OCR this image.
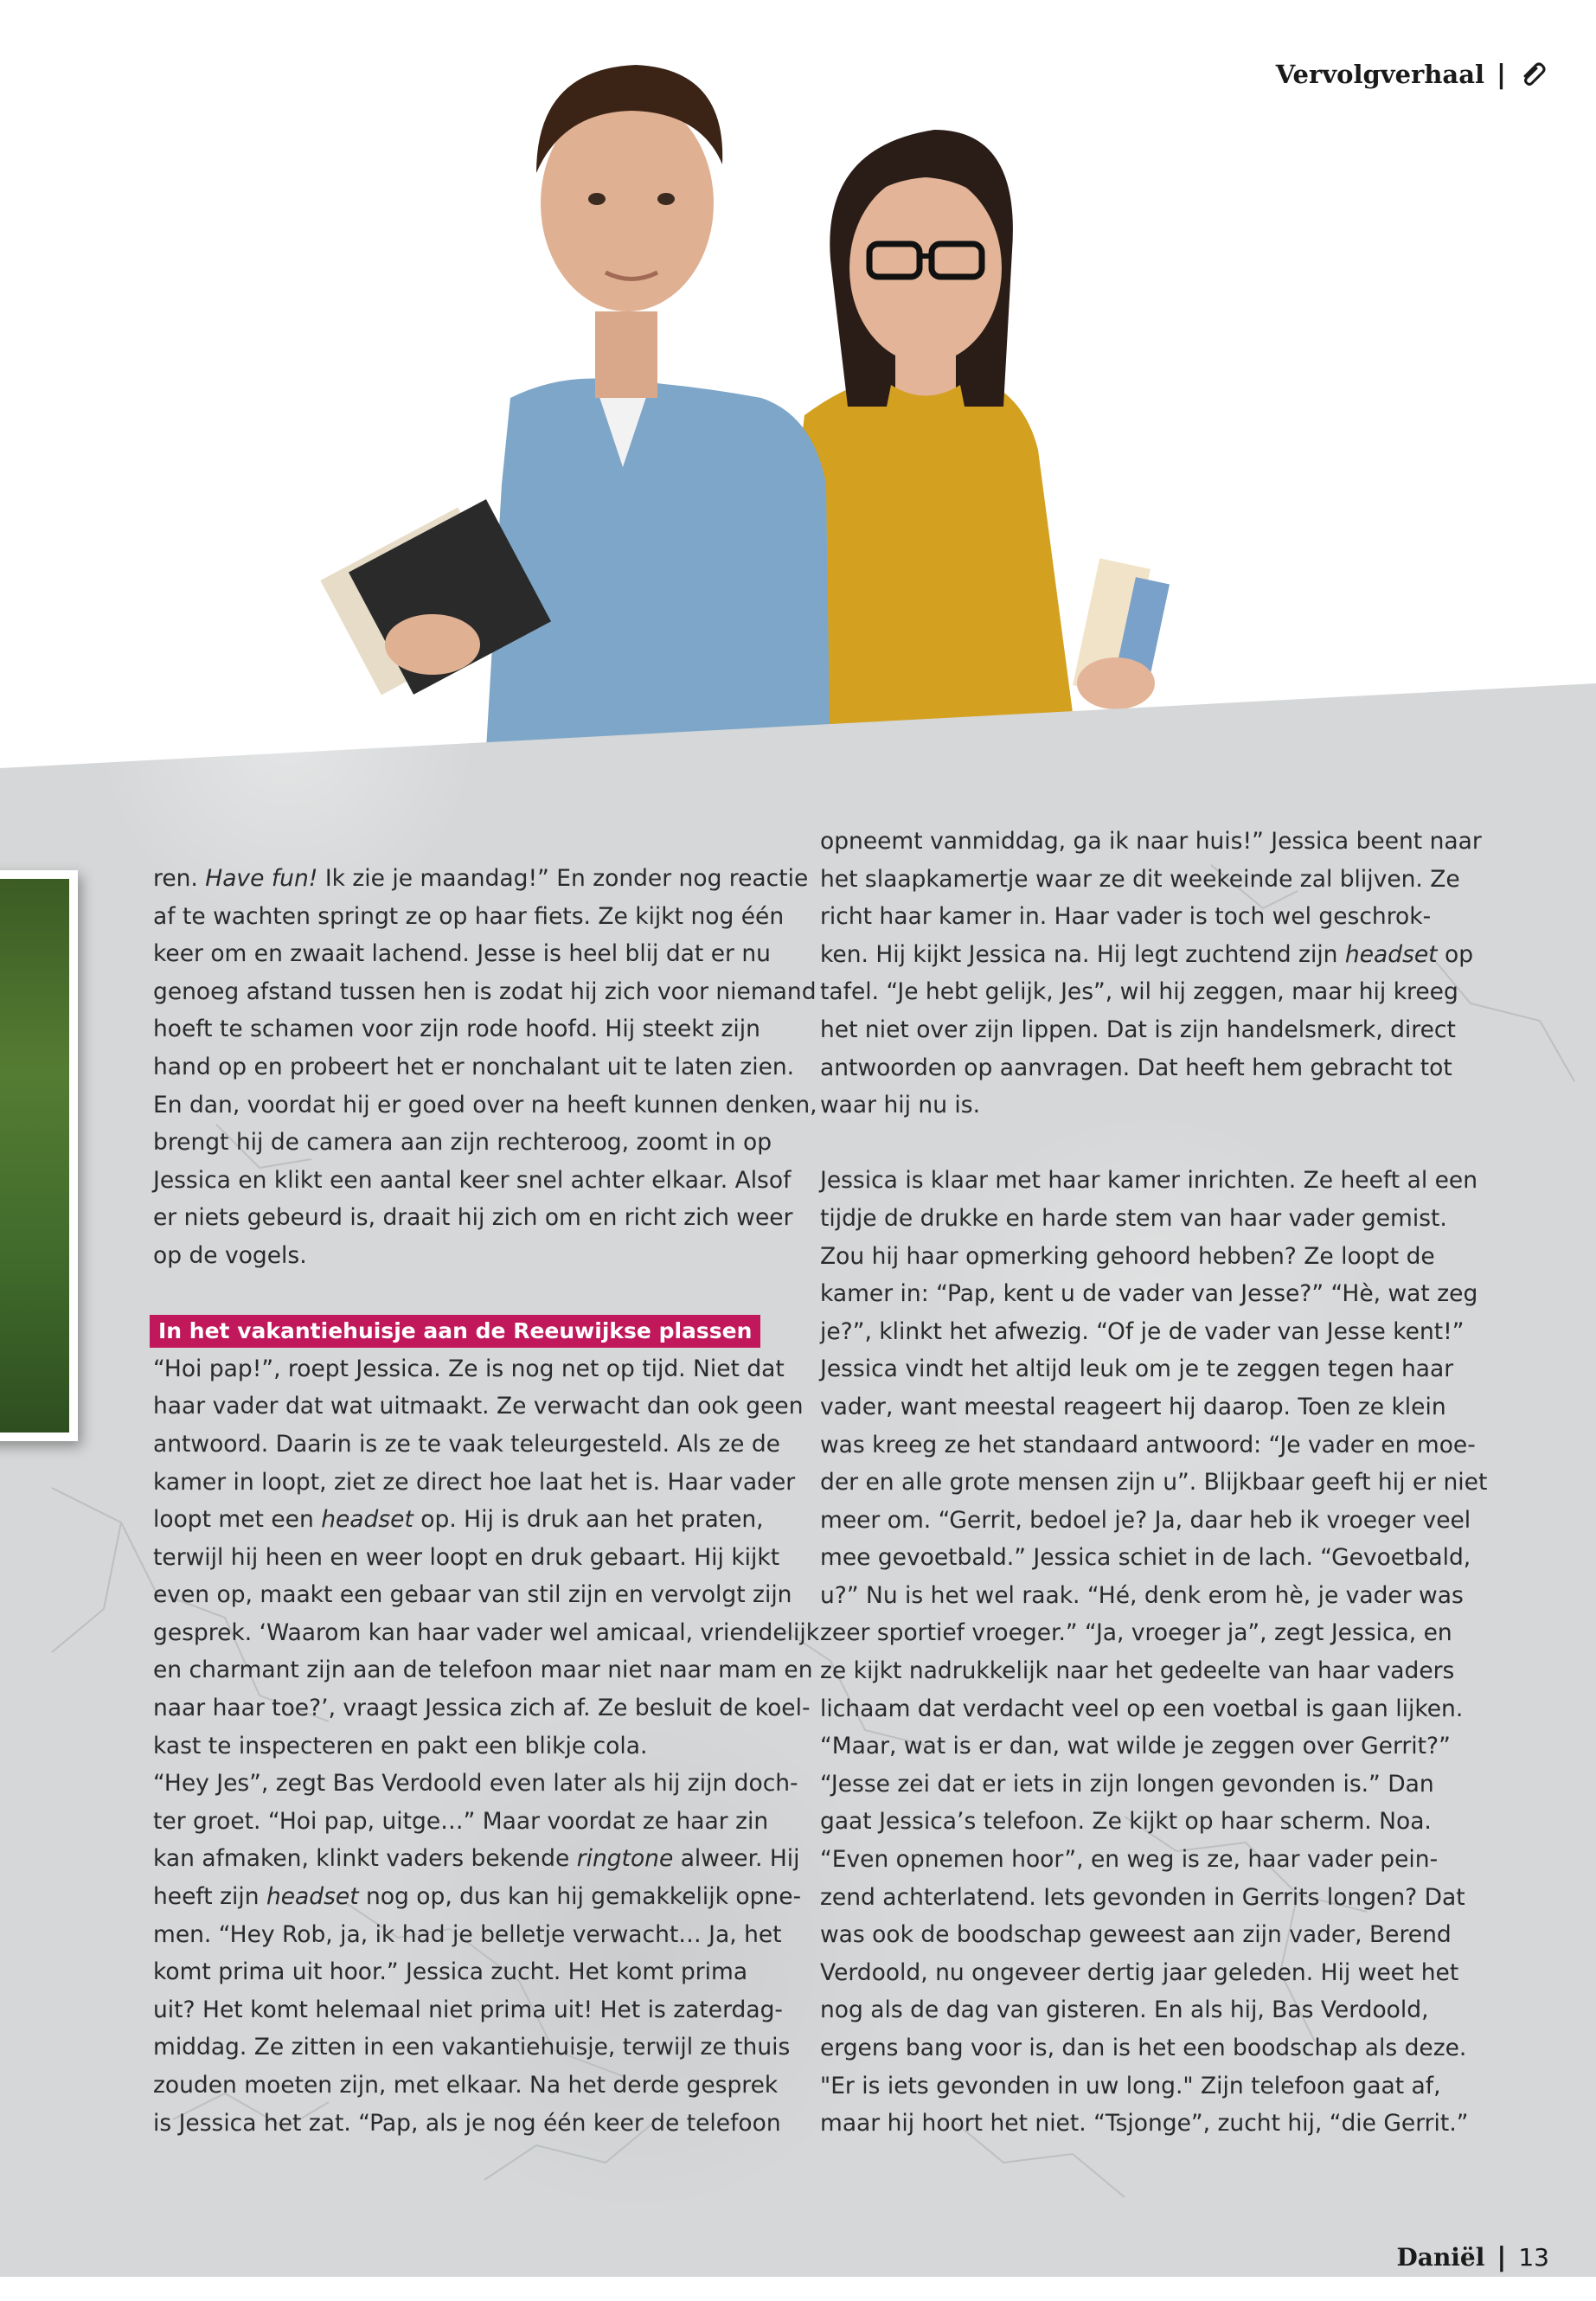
Vervolgverhaal |
ren. Have fun! Ik zie je maandag!” En zonder nog reactie
af te wachten springt ze op haar fiets. Ze kijkt nog één
keer om en zwaait lachend. Jesse is heel blij dat er nu
genoeg afstand tussen hen is zodat hij zich voor niemand
hoeft te schamen voor zijn rode hoofd. Hij steekt zijn
hand op en probeert het er nonchalant uit te laten zien.
En dan, voordat hij er goed over na heeft kunnen denken,
brengt hij de camera aan zijn rechteroog, zoomt in op
Jessica en klikt een aantal keer snel achter elkaar. Alsof
er niets gebeurd is, draait hij zich om en richt zich weer
op de vogels.
In het vakantiehuisje aan de Reeuwijkse plassen
“Hoi pap!”, roept Jessica. Ze is nog net op tijd. Niet dat
haar vader dat wat uitmaakt. Ze verwacht dan ook geen
antwoord. Daarin is ze te vaak teleurgesteld. Als ze de
kamer in loopt, ziet ze direct hoe laat het is. Haar vader
loopt met een headset op. Hij is druk aan het praten,
terwijl hij heen en weer loopt en druk gebaart. Hij kijkt
even op, maakt een gebaar van stil zijn en vervolgt zijn
gesprek. ‘Waarom kan haar vader wel amicaal, vriendelijk
en charmant zijn aan de telefoon maar niet naar mam en
naar haar toe?’, vraagt Jessica zich af. Ze besluit de koel-
kast te inspecteren en pakt een blikje cola.
“Hey Jes”, zegt Bas Verdoold even later als hij zijn doch-
ter groet. “Hoi pap, uitge…” Maar voordat ze haar zin
kan afmaken, klinkt vaders bekende ringtone alweer. Hij
heeft zijn headset nog op, dus kan hij gemakkelijk opne-
men. “Hey Rob, ja, ik had je belletje verwacht… Ja, het
komt prima uit hoor.” Jessica zucht. Het komt prima
uit? Het komt helemaal niet prima uit! Het is zaterdag-
middag. Ze zitten in een vakantiehuisje, terwijl ze thuis
zouden moeten zijn, met elkaar. Na het derde gesprek
is Jessica het zat. “Pap, als je nog één keer de telefoon
opneemt vanmiddag, ga ik naar huis!” Jessica beent naar
het slaapkamertje waar ze dit weekeinde zal blijven. Ze
richt haar kamer in. Haar vader is toch wel geschrok-
ken. Hij kijkt Jessica na. Hij legt zuchtend zijn headset op
tafel. “Je hebt gelijk, Jes”, wil hij zeggen, maar hij kreeg
het niet over zijn lippen. Dat is zijn handelsmerk, direct
antwoorden op aanvragen. Dat heeft hem gebracht tot
waar hij nu is.
Jessica is klaar met haar kamer inrichten. Ze heeft al een
tijdje de drukke en harde stem van haar vader gemist.
Zou hij haar opmerking gehoord hebben? Ze loopt de
kamer in: “Pap, kent u de vader van Jesse?” “Hè, wat zeg
je?”, klinkt het afwezig. “Of je de vader van Jesse kent!”
Jessica vindt het altijd leuk om je te zeggen tegen haar
vader, want meestal reageert hij daarop. Toen ze klein
was kreeg ze het standaard antwoord: “Je vader en moe-
der en alle grote mensen zijn u”. Blijkbaar geeft hij er niet
meer om. “Gerrit, bedoel je? Ja, daar heb ik vroeger veel
mee gevoetbald.” Jessica schiet in de lach. “Gevoetbald,
u?” Nu is het wel raak. “Hé, denk erom hè, je vader was
zeer sportief vroeger.” “Ja, vroeger ja”, zegt Jessica, en
ze kijkt nadrukkelijk naar het gedeelte van haar vaders
lichaam dat verdacht veel op een voetbal is gaan lijken.
“Maar, wat is er dan, wat wilde je zeggen over Gerrit?”
“Jesse zei dat er iets in zijn longen gevonden is.” Dan
gaat Jessica’s telefoon. Ze kijkt op haar scherm. Noa.
“Even opnemen hoor”, en weg is ze, haar vader pein-
zend achterlatend. Iets gevonden in Gerrits longen? Dat
was ook de boodschap geweest aan zijn vader, Berend
Verdoold, nu ongeveer dertig jaar geleden. Hij weet het
nog als de dag van gisteren. En als hij, Bas Verdoold,
ergens bang voor is, dan is het een boodschap als deze.
"Er is iets gevonden in uw long." Zijn telefoon gaat af,
maar hij hoort het niet. “Tsjonge”, zucht hij, “die Gerrit.”
Daniël | 13
